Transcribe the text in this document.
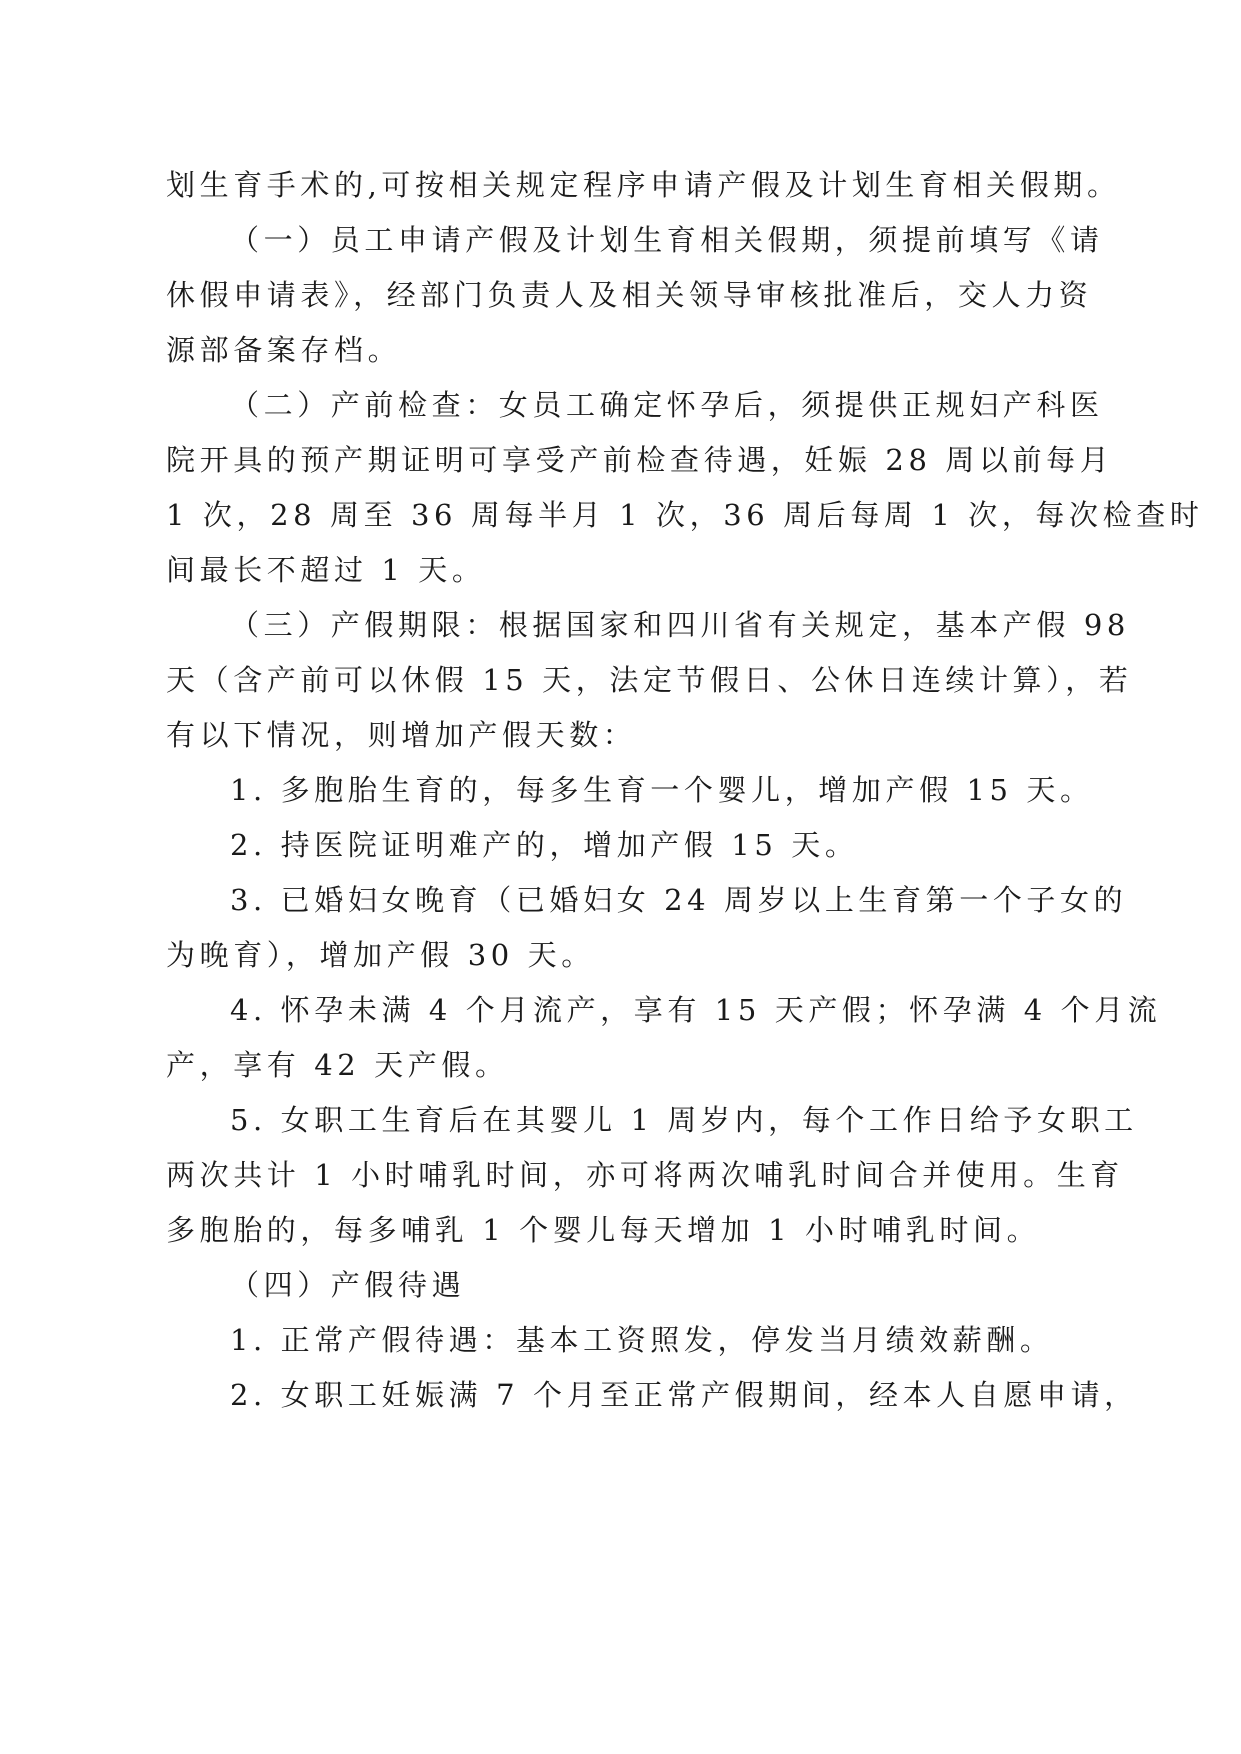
划生育手术的,可按相关规定程序申请产假及计划生育相关假期。
（一）员工申请产假及计划生育相关假期，须提前填写《请
休假申请表》，经部门负责人及相关领导审核批准后，交人力资
源部备案存档。
（二）产前检查：女员工确定怀孕后，须提供正规妇产科医
院开具的预产期证明可享受产前检查待遇，妊娠 28 周以前每月
1 次，28 周至 36 周每半月 1 次，36 周后每周 1 次，每次检查时
间最长不超过 1 天。
（三）产假期限：根据国家和四川省有关规定，基本产假 98
天（含产前可以休假 15 天，法定节假日、公休日连续计算），若
有以下情况，则增加产假天数：
1. 多胞胎生育的，每多生育一个婴儿，增加产假 15 天。
2. 持医院证明难产的，增加产假 15 天。
3. 已婚妇女晚育（已婚妇女 24 周岁以上生育第一个子女的
为晚育），增加产假 30 天。
4. 怀孕未满 4 个月流产，享有 15 天产假；怀孕满 4 个月流
产，享有 42 天产假。
5. 女职工生育后在其婴儿 1 周岁内，每个工作日给予女职工
两次共计 1 小时哺乳时间，亦可将两次哺乳时间合并使用。生育
多胞胎的，每多哺乳 1 个婴儿每天增加 1 小时哺乳时间。
（四）产假待遇
1. 正常产假待遇：基本工资照发，停发当月绩效薪酬。
2. 女职工妊娠满 7 个月至正常产假期间，经本人自愿申请，
